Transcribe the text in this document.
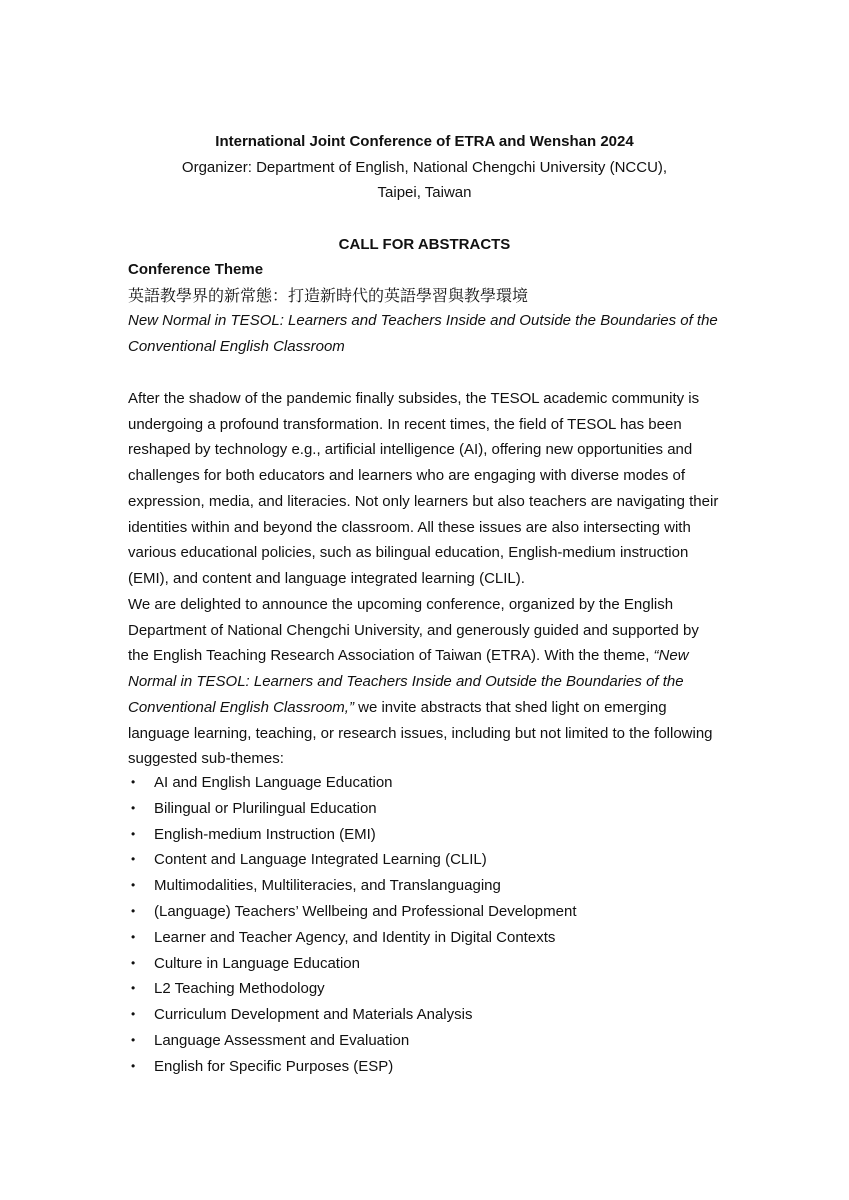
International Joint Conference of ETRA and Wenshan 2024
Organizer: Department of English, National Chengchi University (NCCU),
Taipei, Taiwan
CALL FOR ABSTRACTS
Conference Theme
英語教學界的新常態：打造新時代的英語學習與教學環境
New Normal in TESOL: Learners and Teachers Inside and Outside the Boundaries of the Conventional English Classroom

After the shadow of the pandemic finally subsides, the TESOL academic community is undergoing a profound transformation. In recent times, the field of TESOL has been reshaped by technology e.g., artificial intelligence (AI), offering new opportunities and challenges for both educators and learners who are engaging with diverse modes of expression, media, and literacies. Not only learners but also teachers are navigating their identities within and beyond the classroom. All these issues are also intersecting with various educational policies, such as bilingual education, English-medium instruction (EMI), and content and language integrated learning (CLIL).

We are delighted to announce the upcoming conference, organized by the English Department of National Chengchi University, and generously guided and supported by the English Teaching Research Association of Taiwan (ETRA). With the theme, “New Normal in TESOL: Learners and Teachers Inside and Outside the Boundaries of the Conventional English Classroom,” we invite abstracts that shed light on emerging language learning, teaching, or research issues, including but not limited to the following suggested sub-themes:

• AI and English Language Education
• Bilingual or Plurilingual Education
• English-medium Instruction (EMI)
• Content and Language Integrated Learning (CLIL)
• Multimodalities, Multiliteracies, and Translanguaging
• (Language) Teachers’ Wellbeing and Professional Development
• Learner and Teacher Agency, and Identity in Digital Contexts
• Culture in Language Education
• L2 Teaching Methodology
• Curriculum Development and Materials Analysis
• Language Assessment and Evaluation
• English for Specific Purposes (ESP)
